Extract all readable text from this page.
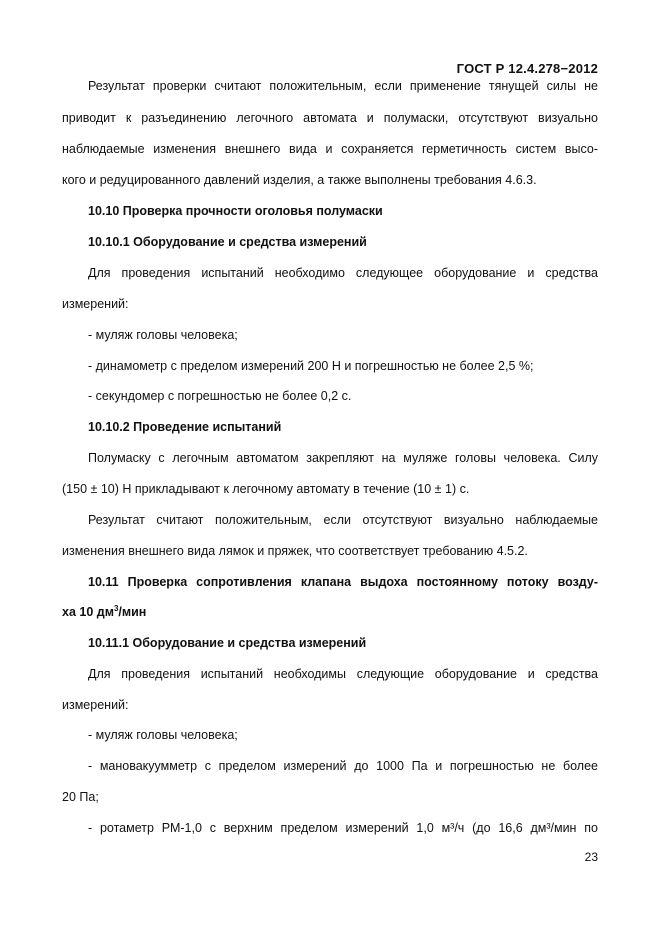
ГОСТ Р 12.4.278−2012
Результат проверки считают положительным, если применение тянущей силы не
приводит к разъединению легочного автомата и полумаски, отсутствуют визуально
наблюдаемые изменения внешнего вида и сохраняется герметичность систем высо-
кого и редуцированного давлений изделия, а также выполнены требования 4.6.3.
10.10 Проверка прочности оголовья полумаски
10.10.1 Оборудование и средства измерений
Для проведения испытаний необходимо следующее оборудование и средства
измерений:
- муляж головы человека;
- динамометр с пределом измерений 200 Н и погрешностью не более 2,5 %;
- секундомер с погрешностью не более 0,2 с.
10.10.2 Проведение испытаний
Полумаску с легочным автоматом закрепляют на муляже головы человека. Силу
(150 ± 10) Н прикладывают к легочному автомату в течение (10 ± 1) с.
Результат считают положительным, если отсутствуют визуально наблюдаемые
изменения внешнего вида лямок и пряжек, что соответствует требованию 4.5.2.
10.11 Проверка сопротивления клапана выдоха постоянному потоку возду-
ха 10 $дм^3$/мин
10.11.1 Оборудование и средства измерений
Для проведения испытаний необходимы следующие оборудование и средства
измерений:
- муляж головы человека;
- мановакуумметр с пределом измерений до 1000 Па и погрешностью не более
20 Па;
- ротаметр РМ-1,0 с верхним пределом измерений 1,0 м³/ч (до 16,6 дм³/мин по
23
